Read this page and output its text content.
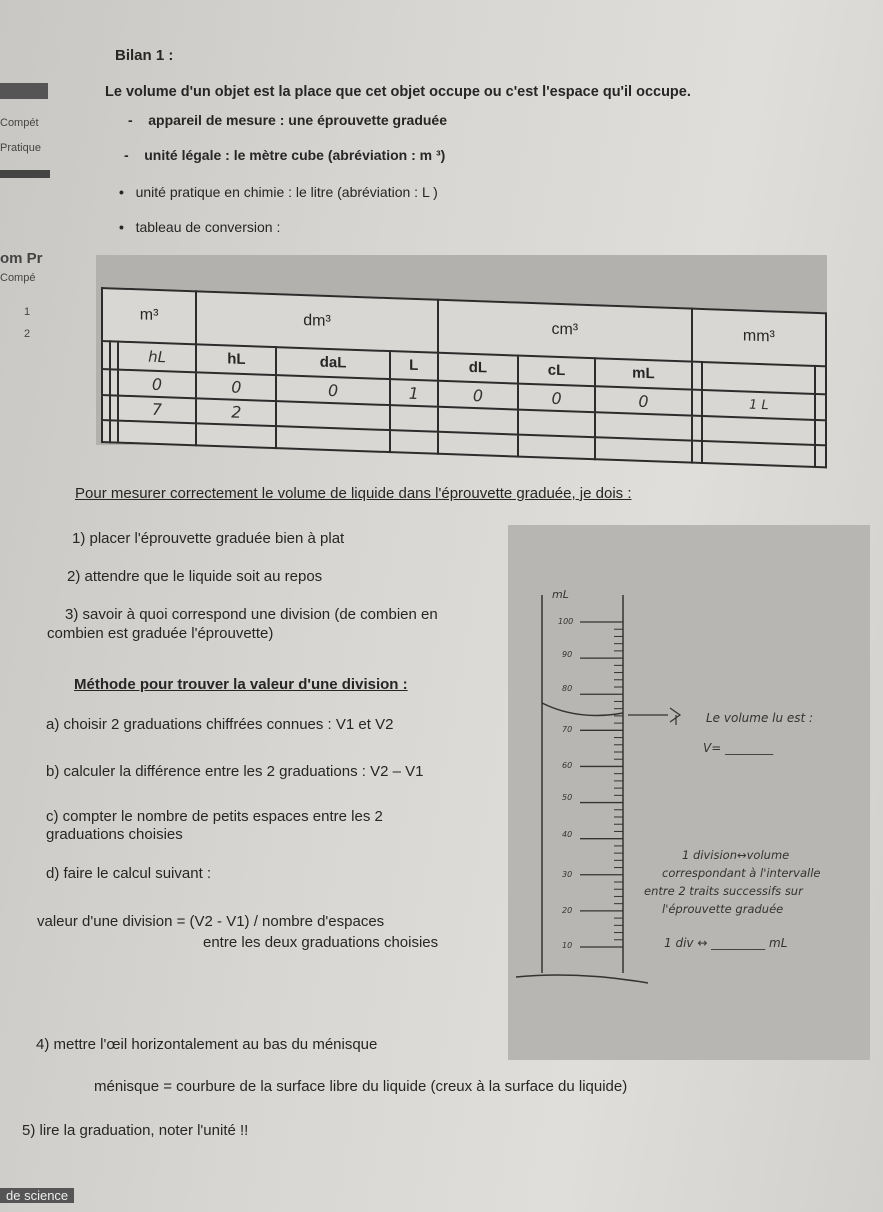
Compét
Pratique
om Pr
Compé
1
2
de science
Bilan 1 :
Le volume d'un objet est la place que cet objet occupe ou c'est l'espace qu'il occupe.
- appareil de mesure : une éprouvette graduée
- unité légale : le mètre cube (abréviation : m ³)
• unité pratique en chimie : le litre (abréviation : L )
• tableau de conversion :
m³			dm³			cm³			mm³		
		hL	hL	daL	L	dL	cL	mL			
		0	0	0	1	0	0	0		1 L	
		7	2								

Pour mesurer correctement le volume de liquide dans l'éprouvette graduée, je dois :
1) placer l'éprouvette graduée bien à plat
2) attendre que le liquide soit au repos
3) savoir à quoi correspond une division (de combien en
combien est graduée l'éprouvette)
Méthode pour trouver la valeur d'une division :
a) choisir 2 graduations chiffrées connues : V1 et V2
b) calculer la différence entre les 2 graduations : V2 – V1
c) compter le nombre de petits espaces entre les 2
graduations choisies
d) faire le calcul suivant :
valeur d'une division = (V2 - V1) / nombre d'espaces
entre les deux graduations choisies
4) mettre l'œil horizontalement au bas du ménisque
ménisque = courbure de la surface libre du liquide (creux à la surface du liquide)
5) lire la graduation, noter l'unité !!
mL
100
90
80
70
60
50
40
30
20
10
Le volume lu est :
V= ________
1 division↔volume
correspondant à l'intervalle
entre 2 traits successifs sur
l'éprouvette graduée
1 div ↔ _________ mL
